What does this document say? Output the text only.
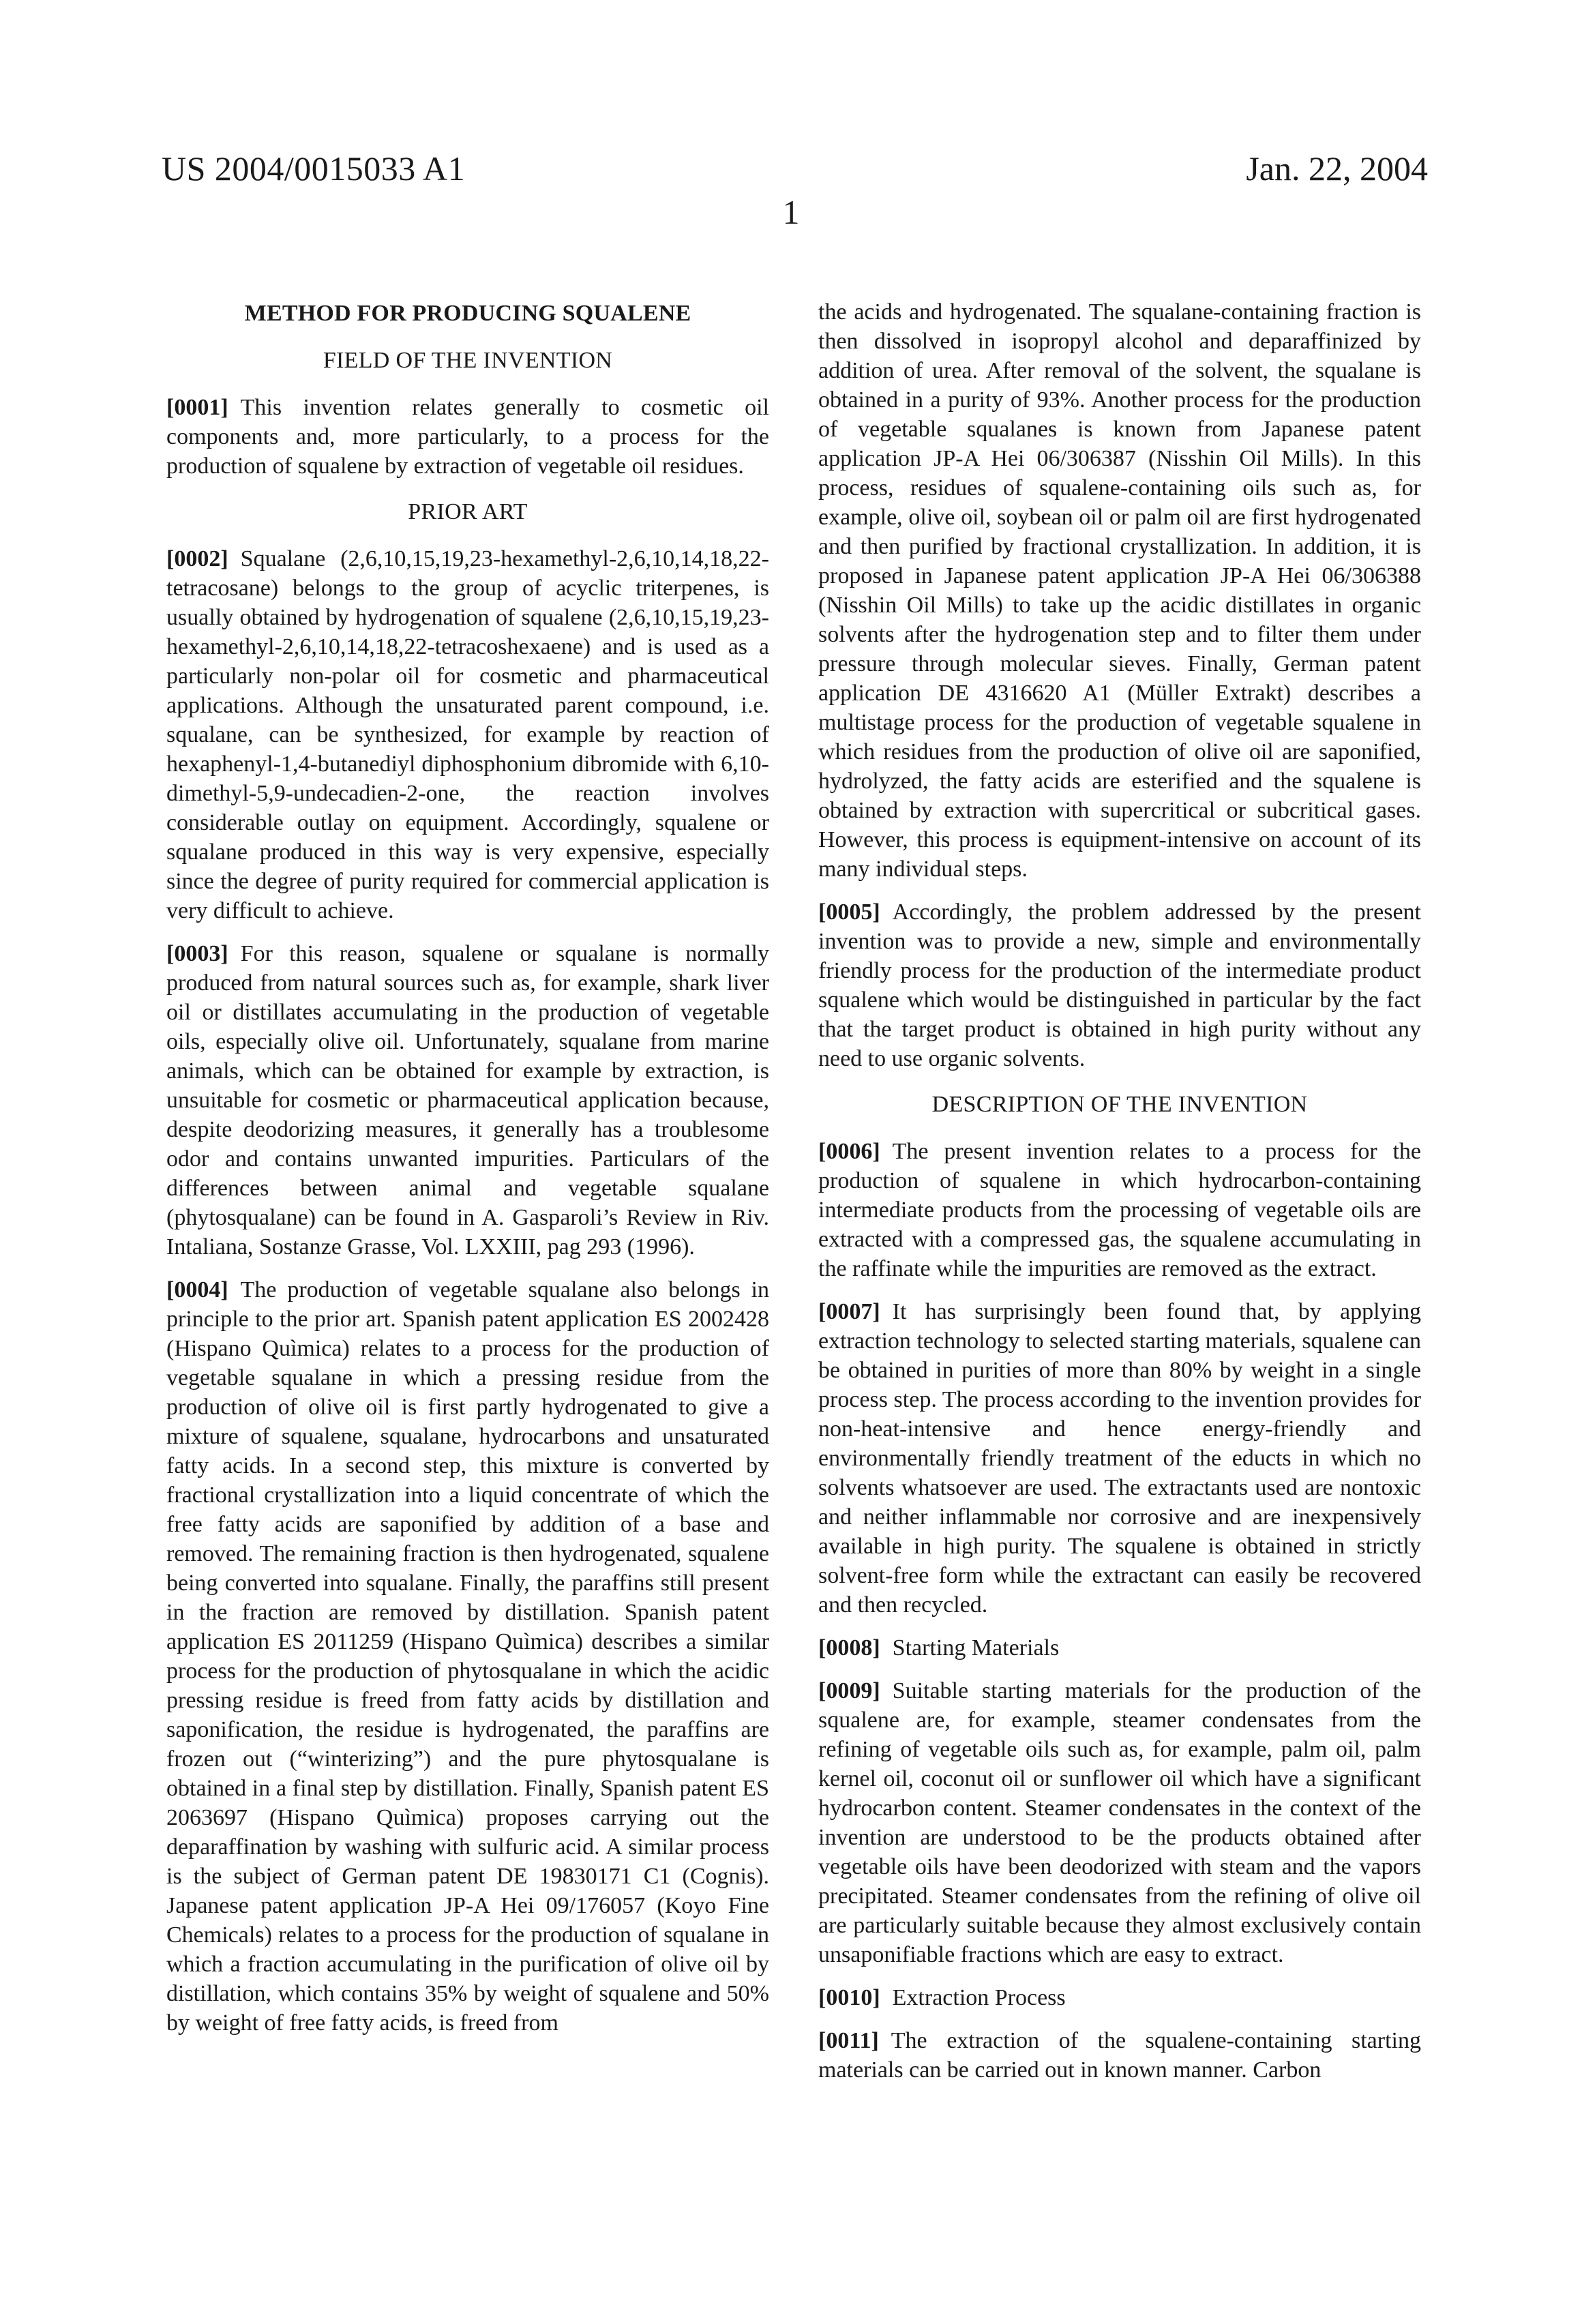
US 2004/0015033 A1	Jan. 22, 2004
1
METHOD FOR PRODUCING SQUALENE
FIELD OF THE INVENTION

[0001] This invention relates generally to cosmetic oil components and, more particularly, to a process for the production of squalene by extraction of vegetable oil residues.

PRIOR ART

[0002] Squalane (2,6,10,15,19,23-hexamethyl-2,6,10,14,18,22-tetracosane) belongs to the group of acyclic triterpenes, is usually obtained by hydrogenation of squalene (2,6,10,15,19,23-hexamethyl-2,6,10,14,18,22-tetracoshexaene) and is used as a particularly non-polar oil for cosmetic and pharmaceutical applications. Although the unsaturated parent compound, i.e. squalane, can be synthesized, for example by reaction of hexaphenyl-1,4-butanediyl diphosphonium dibromide with 6,10-dimethyl-5,9-undecadien-2-one, the reaction involves considerable outlay on equipment. Accordingly, squalene or squalane produced in this way is very expensive, especially since the degree of purity required for commercial application is very difficult to achieve.

[0003] For this reason, squalene or squalane is normally produced from natural sources such as, for example, shark liver oil or distillates accumulating in the production of vegetable oils, especially olive oil. Unfortunately, squalane from marine animals, which can be obtained for example by extraction, is unsuitable for cosmetic or pharmaceutical application because, despite deodorizing measures, it generally has a troublesome odor and contains unwanted impurities. Particulars of the differences between animal and vegetable squalane (phytosqualane) can be found in A. Gasparoli’s Review in Riv. Intaliana, Sostanze Grasse, Vol. LXXIII, pag 293 (1996).

[0004] The production of vegetable squalane also belongs in principle to the prior art. Spanish patent application ES 2002428 (Hispano Quìmica) relates to a process for the production of vegetable squalane in which a pressing residue from the production of olive oil is first partly hydrogenated to give a mixture of squalene, squalane, hydrocarbons and unsaturated fatty acids. In a second step, this mixture is converted by fractional crystallization into a liquid concentrate of which the free fatty acids are saponified by addition of a base and removed. The remaining fraction is then hydrogenated, squalene being converted into squalane. Finally, the paraffins still present in the fraction are removed by distillation. Spanish patent application ES 2011259 (Hispano Quìmica) describes a similar process for the production of phytosqualane in which the acidic pressing residue is freed from fatty acids by distillation and saponification, the residue is hydrogenated, the paraffins are frozen out (“winterizing”) and the pure phytosqualane is obtained in a final step by distillation. Finally, Spanish patent ES 2063697 (Hispano Quìmica) proposes carrying out the deparaffination by washing with sulfuric acid. A similar process is the subject of German patent DE 19830171 C1 (Cognis). Japanese patent application JP-A Hei 09/176057 (Koyo Fine Chemicals) relates to a process for the production of squalane in which a fraction accumulating in the purification of olive oil by distillation, which contains 35% by weight of squalene and 50% by weight of free fatty acids, is freed from

the acids and hydrogenated. The squalane-containing fraction is then dissolved in isopropyl alcohol and deparaffinized by addition of urea. After removal of the solvent, the squalane is obtained in a purity of 93%. Another process for the production of vegetable squalanes is known from Japanese patent application JP-A Hei 06/306387 (Nisshin Oil Mills). In this process, residues of squalene-containing oils such as, for example, olive oil, soybean oil or palm oil are first hydrogenated and then purified by fractional crystallization. In addition, it is proposed in Japanese patent application JP-A Hei 06/306388 (Nisshin Oil Mills) to take up the acidic distillates in organic solvents after the hydrogenation step and to filter them under pressure through molecular sieves. Finally, German patent application DE 4316620 A1 (Müller Extrakt) describes a multistage process for the production of vegetable squalene in which residues from the production of olive oil are saponified, hydrolyzed, the fatty acids are esterified and the squalene is obtained by extraction with supercritical or subcritical gases. However, this process is equipment-intensive on account of its many individual steps.

[0005] Accordingly, the problem addressed by the present invention was to provide a new, simple and environmentally friendly process for the production of the intermediate product squalene which would be distinguished in particular by the fact that the target product is obtained in high purity without any need to use organic solvents.

DESCRIPTION OF THE INVENTION

[0006] The present invention relates to a process for the production of squalene in which hydrocarbon-containing intermediate products from the processing of vegetable oils are extracted with a compressed gas, the squalene accumulating in the raffinate while the impurities are removed as the extract.

[0007] It has surprisingly been found that, by applying extraction technology to selected starting materials, squalene can be obtained in purities of more than 80% by weight in a single process step. The process according to the invention provides for non-heat-intensive and hence energy-friendly and environmentally friendly treatment of the educts in which no solvents whatsoever are used. The extractants used are nontoxic and neither inflammable nor corrosive and are inexpensively available in high purity. The squalene is obtained in strictly solvent-free form while the extractant can easily be recovered and then recycled.

[0008] Starting Materials

[0009] Suitable starting materials for the production of the squalene are, for example, steamer condensates from the refining of vegetable oils such as, for example, palm oil, palm kernel oil, coconut oil or sunflower oil which have a significant hydrocarbon content. Steamer condensates in the context of the invention are understood to be the products obtained after vegetable oils have been deodorized with steam and the vapors precipitated. Steamer condensates from the refining of olive oil are particularly suitable because they almost exclusively contain unsaponifiable fractions which are easy to extract.

[0010] Extraction Process

[0011] The extraction of the squalene-containing starting materials can be carried out in known manner. Carbon
